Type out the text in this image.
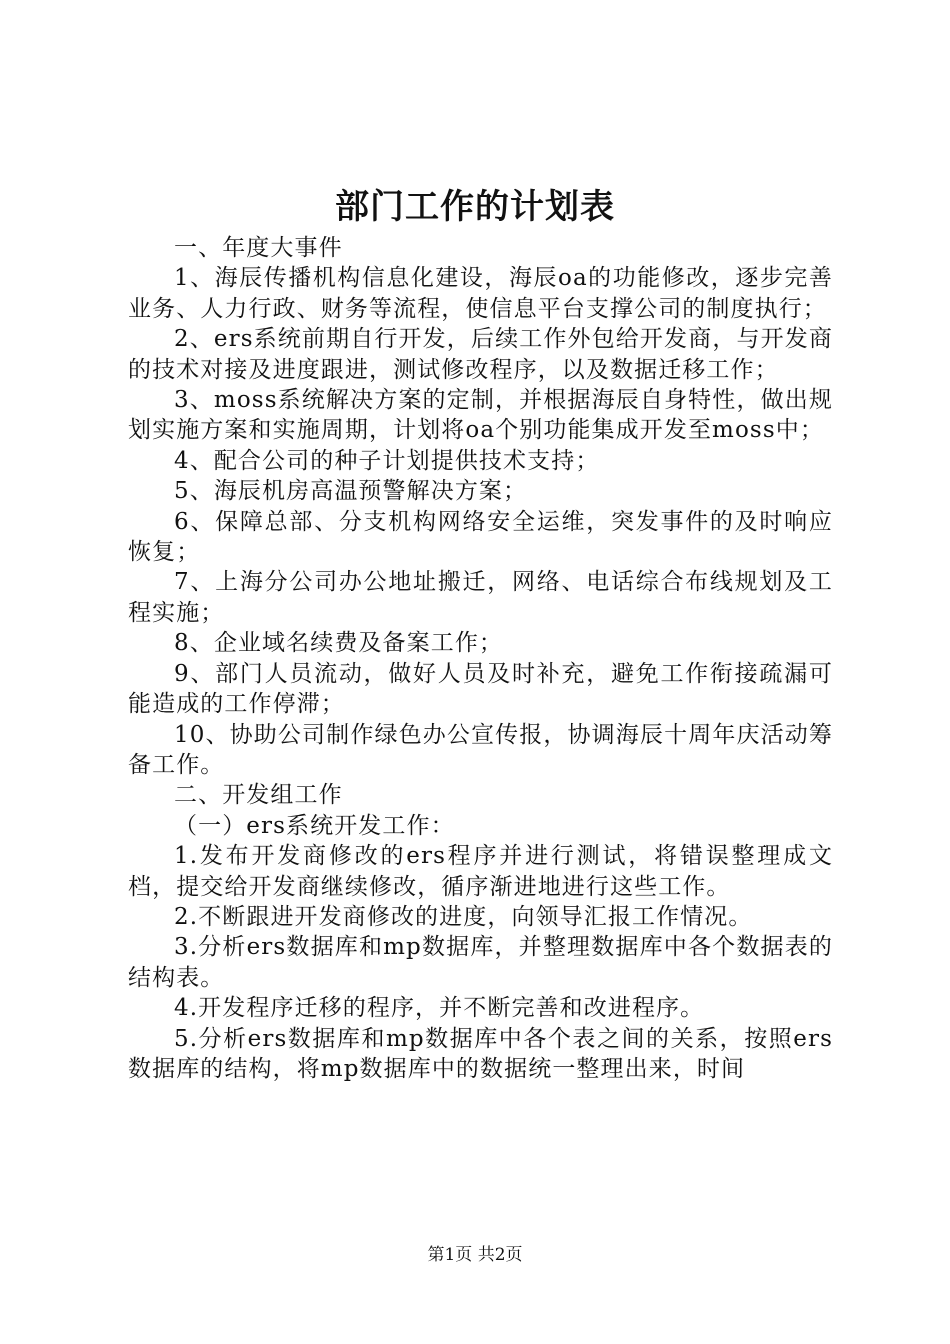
部门工作的计划表

一、年度大事件

1、海辰传播机构信息化建设，海辰oa的功能修改，逐步完善业务、人力行政、财务等流程，使信息平台支撑公司的制度执行；

2、ers系统前期自行开发，后续工作外包给开发商，与开发商的技术对接及进度跟进，测试修改程序，以及数据迁移工作；

3、moss系统解决方案的定制，并根据海辰自身特性，做出规划实施方案和实施周期，计划将oa个别功能集成开发至moss中；

4、配合公司的种子计划提供技术支持；

5、海辰机房高温预警解决方案；

6、保障总部、分支机构网络安全运维，突发事件的及时响应恢复；

7、上海分公司办公地址搬迁，网络、电话综合布线规划及工程实施；

8、企业域名续费及备案工作；

9、部门人员流动，做好人员及时补充，避免工作衔接疏漏可能造成的工作停滞；

10、协助公司制作绿色办公宣传报，协调海辰十周年庆活动筹备工作。

二、开发组工作

（一）ers系统开发工作：

1.发布开发商修改的ers程序并进行测试，将错误整理成文档，提交给开发商继续修改，循序渐进地进行这些工作。

2.不断跟进开发商修改的进度，向领导汇报工作情况。

3.分析ers数据库和mp数据库，并整理数据库中各个数据表的结构表。

4.开发程序迁移的程序，并不断完善和改进程序。

5.分析ers数据库和mp数据库中各个表之间的关系，按照ers数据库的结构，将mp数据库中的数据统一整理出来，时间

第1页 共2页
